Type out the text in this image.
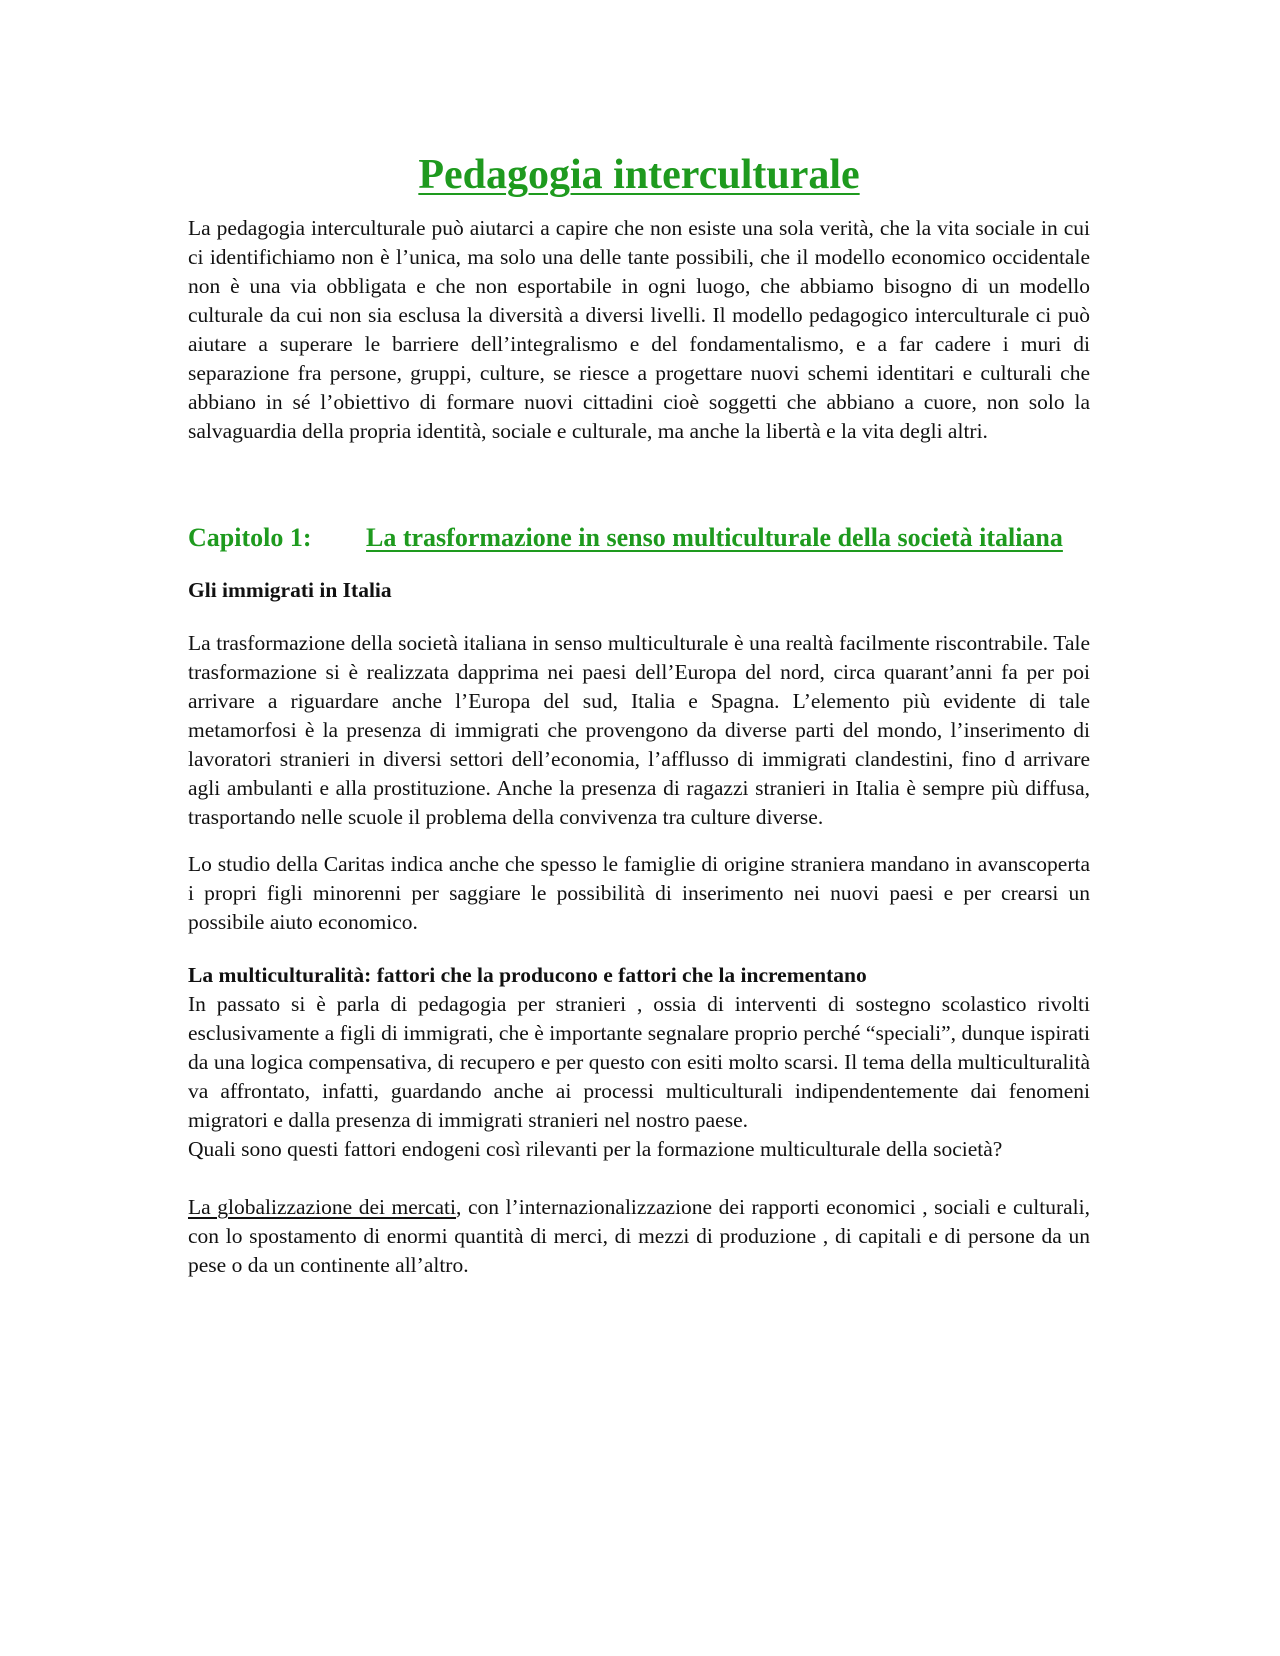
Pedagogia interculturale

La pedagogia interculturale può aiutarci a capire che non esiste una sola verità, che la vita sociale in cui ci identifichiamo non è l’unica, ma solo una delle tante possibili, che il modello economico occidentale non è una via obbligata e che non esportabile in ogni luogo, che abbiamo bisogno di un modello culturale da cui non sia esclusa la diversità a diversi livelli. Il modello pedagogico interculturale ci può aiutare a superare le barriere dell’integralismo e del fondamentalismo, e a far cadere i muri di separazione fra persone, gruppi, culture, se riesce a progettare nuovi schemi identitari e culturali che abbiano in sé l’obiettivo di formare nuovi cittadini cioè soggetti che abbiano a cuore, non solo la salvaguardia della propria identità, sociale e culturale, ma anche la libertà e la vita degli altri.

Capitolo 1: La trasformazione in senso multiculturale della società italiana
Gli immigrati in Italia

La trasformazione della società italiana in senso multiculturale è una realtà facilmente riscontrabile. Tale trasformazione si è realizzata dapprima nei paesi dell’Europa del nord, circa quarant’anni fa per poi arrivare a riguardare anche l’Europa del sud, Italia e Spagna. L’elemento più evidente di tale metamorfosi è la presenza di immigrati che provengono da diverse parti del mondo, l’inserimento di lavoratori stranieri in diversi settori dell’economia, l’afflusso di immigrati clandestini, fino d arrivare agli ambulanti e alla prostituzione. Anche la presenza di ragazzi stranieri in Italia è sempre più diffusa, trasportando nelle scuole il problema della convivenza tra culture diverse.

Lo studio della Caritas indica anche che spesso le famiglie di origine straniera mandano in avanscoperta i propri figli minorenni per saggiare le possibilità di inserimento nei nuovi paesi e per crearsi un possibile aiuto economico.

La multiculturalità: fattori che la producono e fattori che la incrementano

In passato si è parla di pedagogia per stranieri , ossia di interventi di sostegno scolastico rivolti esclusivamente a figli di immigrati, che è importante segnalare proprio perché “speciali”, dunque ispirati da una logica compensativa, di recupero e per questo con esiti molto scarsi. Il tema della multiculturalità va affrontato, infatti, guardando anche ai processi multiculturali indipendentemente dai fenomeni migratori e dalla presenza di immigrati stranieri nel nostro paese.

Quali sono questi fattori endogeni così rilevanti per la formazione multiculturale della società?

La globalizzazione dei mercati, con l’internazionalizzazione dei rapporti economici , sociali e culturali, con lo spostamento di enormi quantità di merci, di mezzi di produzione , di capitali e di persone da un pese o da un continente all’altro.
